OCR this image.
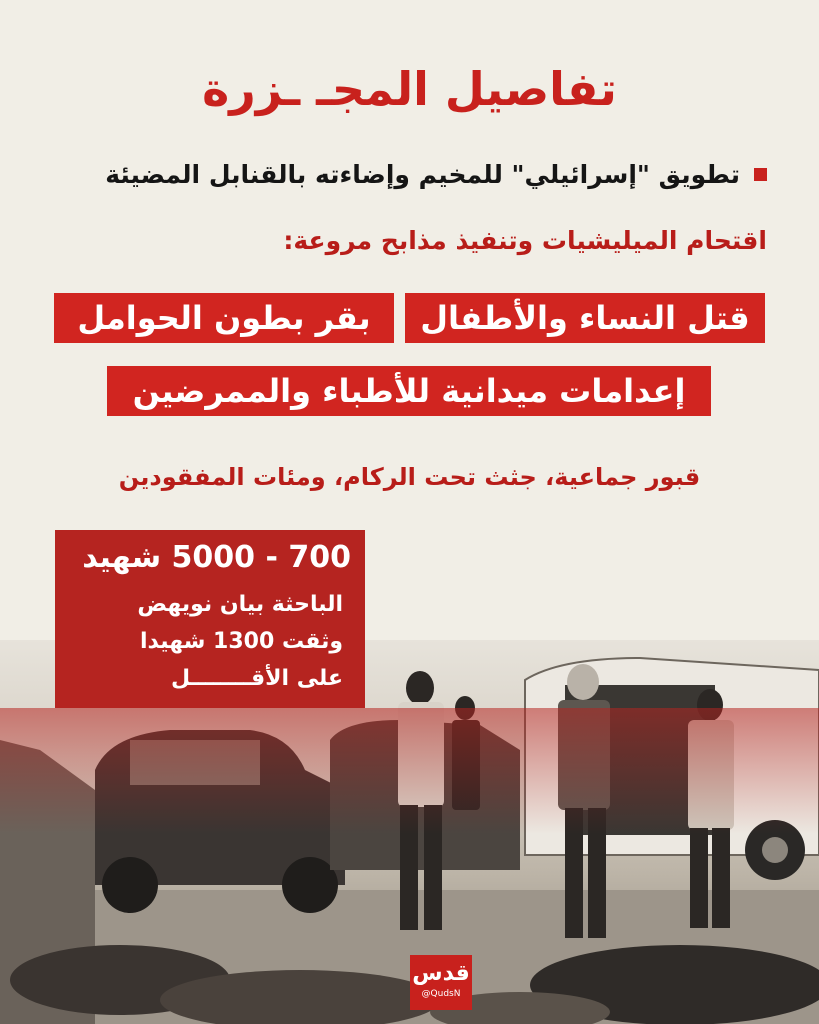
تفاصيل المجـ ـزرة
تطويق "إسرائيلي" للمخيم وإضاءته بالقنابل المضيئة
اقتحام الميليشيات وتنفيذ مذابح مروعة:
قتل النساء والأطفال
بقر بطون الحوامل
إعدامات ميدانية للأطباء والممرضين
قبور جماعية، جثث تحت الركام، ومئات المفقودين
700 - 5000 شهيد
الباحثة بيان نويهض
وثقت 1300 شهيدا
على الأقــــــــل
قدس
@QudsN
